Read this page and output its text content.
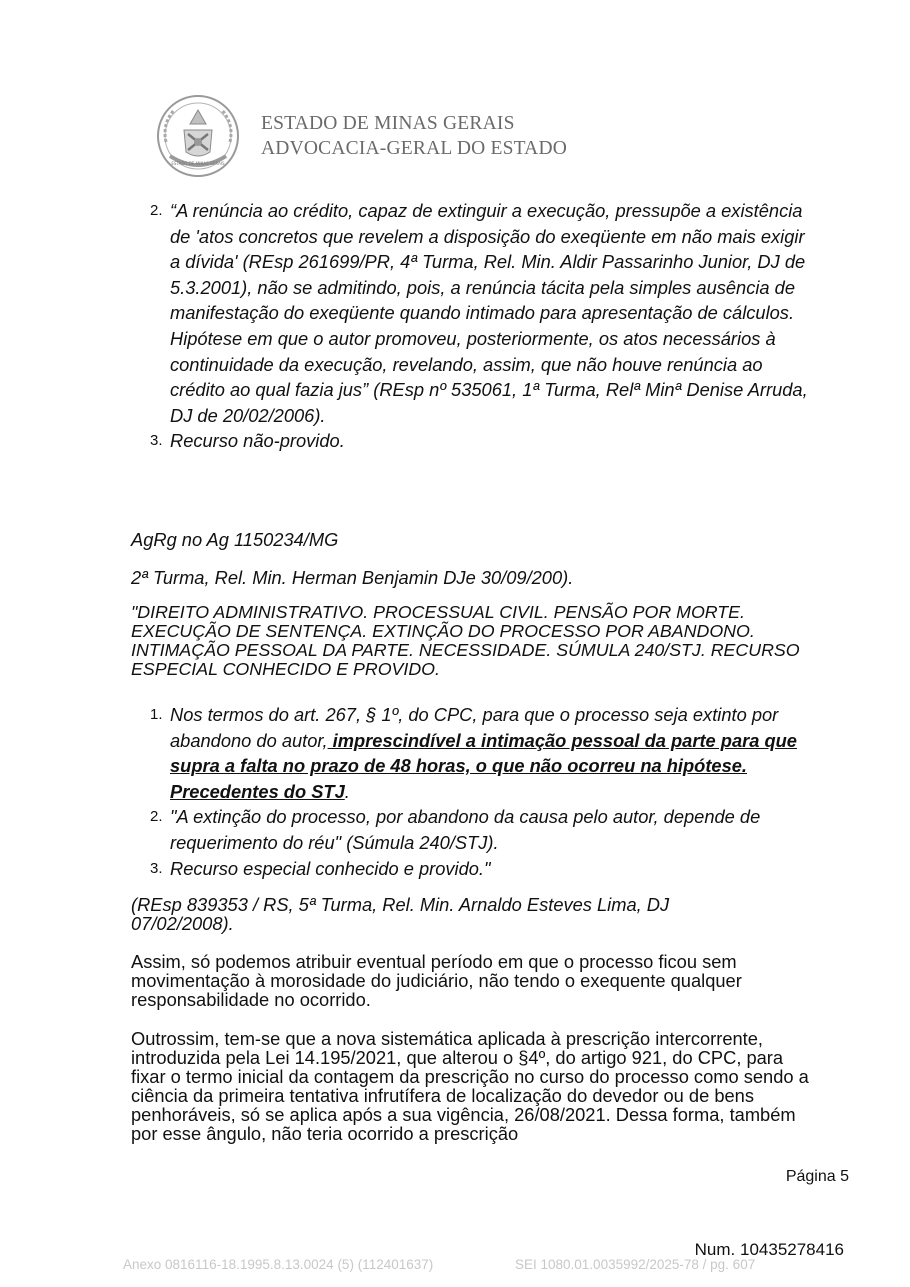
ESTADO DE MINAS GERAIS
ESTADO DE MINAS GERAIS
ADVOCACIA-GERAL DO ESTADO
2. “A renúncia ao crédito, capaz de extinguir a execução, pressupõe a existência de 'atos concretos que revelem a disposição do exeqüente em não mais exigir a dívida' (REsp 261699/PR, 4ª Turma, Rel. Min. Aldir Passarinho Junior, DJ de 5.3.2001), não se admitindo, pois, a renúncia tácita pela simples ausência de manifestação do exeqüente quando intimado para apresentação de cálculos. Hipótese em que o autor promoveu, posteriormente, os atos necessários à continuidade da execução, revelando, assim, que não houve renúncia ao crédito ao qual fazia jus” (REsp nº 535061, 1ª Turma, Relª Minª Denise Arruda, DJ de 20/02/2006).
3. Recurso não-provido.
AgRg no Ag 1150234/MG
2ª Turma, Rel. Min. Herman Benjamin DJe 30/09/200).

"DIREITO ADMINISTRATIVO. PROCESSUAL CIVIL. PENSÃO POR MORTE. EXECUÇÃO DE SENTENÇA. EXTINÇÃO DO PROCESSO POR ABANDONO. INTIMAÇÃO PESSOAL DA PARTE. NECESSIDADE. SÚMULA 240/STJ. RECURSO ESPECIAL CONHECIDO E PROVIDO.

1. Nos termos do art. 267, § 1º, do CPC, para que o processo seja extinto por abandono do autor, imprescindível a intimação pessoal da parte para que supra a falta no prazo de 48 horas, o que não ocorreu na hipótese. Precedentes do STJ.
2. "A extinção do processo, por abandono da causa pelo autor, depende de requerimento do réu" (Súmula 240/STJ).
3. Recurso especial conhecido e provido."

(REsp 839353 / RS, 5ª Turma, Rel. Min. Arnaldo Esteves Lima, DJ 07/02/2008).

Assim, só podemos atribuir eventual período em que o processo ficou sem movimentação à morosidade do judiciário, não tendo o exequente qualquer responsabilidade no ocorrido.

Outrossim, tem-se que a nova sistemática aplicada à prescrição intercorrente, introduzida pela Lei 14.195/2021, que alterou o §4º, do artigo 921, do CPC, para fixar o termo inicial da contagem da prescrição no curso do processo como sendo a ciência da primeira tentativa infrutífera de localização do devedor ou de bens penhoráveis, só se aplica após a sua vigência, 26/08/2021. Dessa forma, também por esse ângulo, não teria ocorrido a prescrição

Página 5
Num. 10435278416
Anexo 0816116-18.1995.8.13.0024 (5) (112401637)	SEI 1080.01.0035992/2025-78 / pg. 607
